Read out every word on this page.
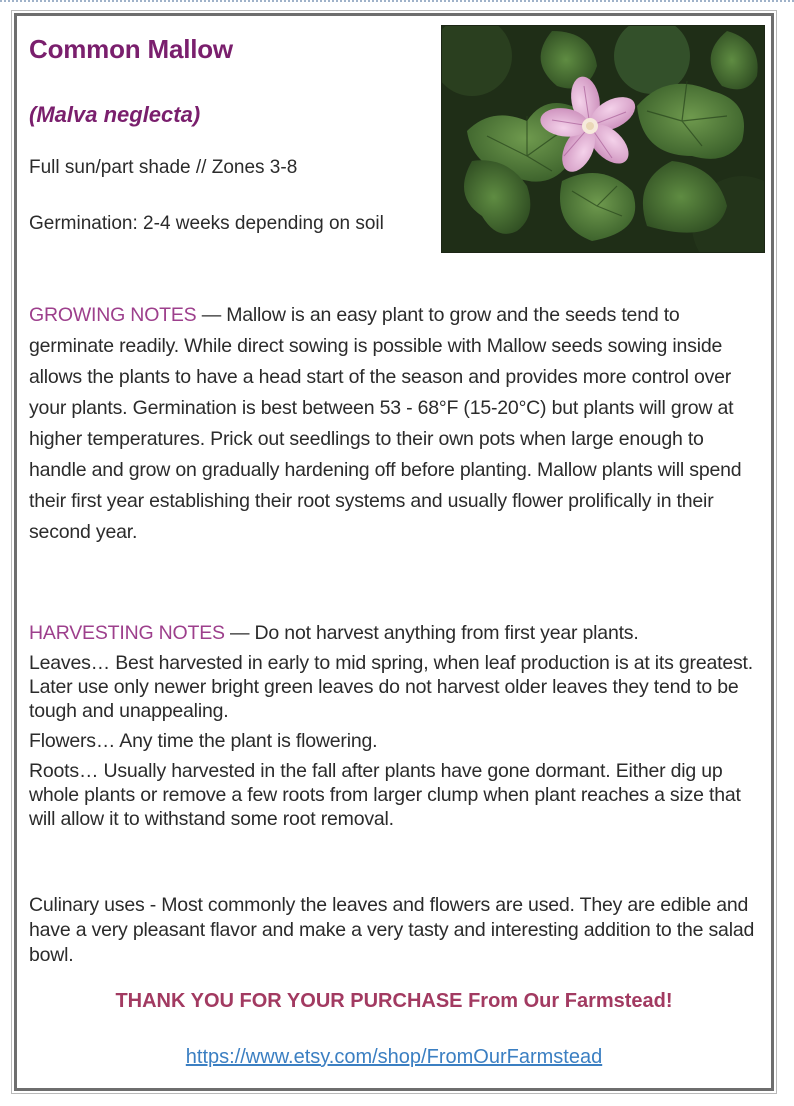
Common Mallow
(Malva neglecta)

Full sun/part shade // Zones 3-8

Germination: 2-4 weeks depending on soil

GROWING NOTES — Mallow is an easy plant to grow and the seeds tend to germinate readily. While direct sowing is possible with Mallow seeds sowing inside allows the plants to have a head start of the season and provides more control over your plants. Germination is best between 53 - 68°F (15-20°C) but plants will grow at higher temperatures. Prick out seedlings to their own pots when large enough to handle and grow on gradually hardening off before planting. Mallow plants will spend their first year establishing their root systems and usually flower prolifically in their second year.

HARVESTING NOTES — Do not harvest anything from first year plants.

Leaves… Best harvested in early to mid spring, when leaf production is at its greatest. Later use only newer bright green leaves do not harvest older leaves they tend to be tough and unappealing.

Flowers… Any time the plant is flowering.

Roots… Usually harvested in the fall after plants have gone dormant. Either dig up whole plants or remove a few roots from larger clump when plant reaches a size that will allow it to withstand some root removal.

Culinary uses - Most commonly the leaves and flowers are used. They are edible and have a very pleasant flavor and make a very tasty and interesting addition to the salad bowl.

THANK YOU FOR YOUR PURCHASE From Our Farmstead!

https://www.etsy.com/shop/FromOurFarmstead
